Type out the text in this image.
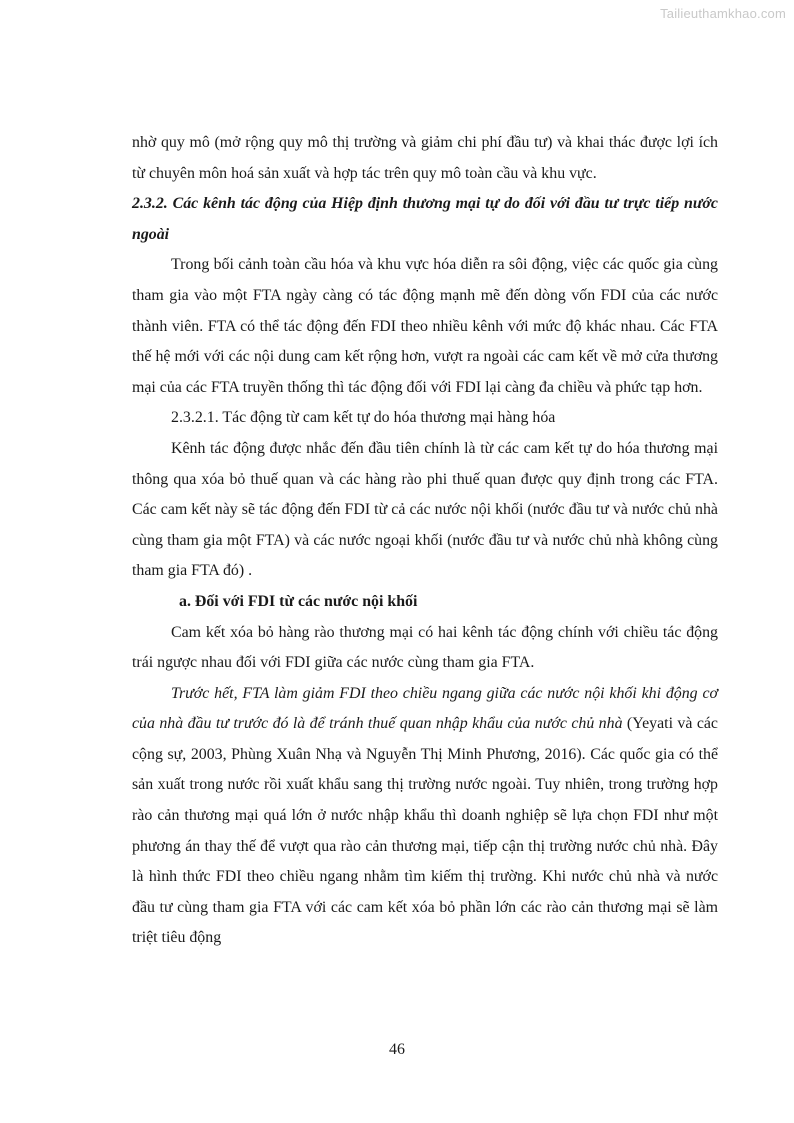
Tailieuthamkhao.com

nhờ quy mô (mở rộng quy mô thị trường và giảm chi phí đầu tư) và khai thác được lợi ích từ chuyên môn hoá sản xuất và hợp tác trên quy mô toàn cầu và khu vực.

2.3.2. Các kênh tác động của Hiệp định thương mại tự do đối với đầu tư trực tiếp nước ngoài

Trong bối cảnh toàn cầu hóa và khu vực hóa diễn ra sôi động, việc các quốc gia cùng tham gia vào một FTA ngày càng có tác động mạnh mẽ đến dòng vốn FDI của các nước thành viên. FTA có thể tác động đến FDI theo nhiều kênh với mức độ khác nhau. Các FTA thế hệ mới với các nội dung cam kết rộng hơn, vượt ra ngoài các cam kết về mở cửa thương mại của các FTA truyền thống thì tác động đối với FDI lại càng đa chiều và phức tạp hơn.

2.3.2.1. Tác động từ cam kết tự do hóa thương mại hàng hóa

Kênh tác động được nhắc đến đầu tiên chính là từ các cam kết tự do hóa thương mại thông qua xóa bỏ thuế quan và các hàng rào phi thuế quan được quy định trong các FTA. Các cam kết này sẽ tác động đến FDI từ cả các nước nội khối (nước đầu tư và nước chủ nhà cùng tham gia một FTA) và các nước ngoại khối (nước đầu tư và nước chủ nhà không cùng tham gia FTA đó) .

a. Đối với FDI từ các nước nội khối

Cam kết xóa bỏ hàng rào thương mại có hai kênh tác động chính với chiều tác động trái ngược nhau đối với FDI giữa các nước cùng tham gia FTA.

Trước hết, FTA làm giảm FDI theo chiều ngang giữa các nước nội khối khi động cơ của nhà đầu tư trước đó là để tránh thuế quan nhập khẩu của nước chủ nhà (Yeyati và các cộng sự, 2003, Phùng Xuân Nhạ và Nguyễn Thị Minh Phương, 2016). Các quốc gia có thể sản xuất trong nước rồi xuất khẩu sang thị trường nước ngoài. Tuy nhiên, trong trường hợp rào cản thương mại quá lớn ở nước nhập khẩu thì doanh nghiệp sẽ lựa chọn FDI như một phương án thay thế để vượt qua rào cản thương mại, tiếp cận thị trường nước chủ nhà. Đây là hình thức FDI theo chiều ngang nhằm tìm kiếm thị trường. Khi nước chủ nhà và nước đầu tư cùng tham gia FTA với các cam kết xóa bỏ phần lớn các rào cản thương mại sẽ làm triệt tiêu động

46
